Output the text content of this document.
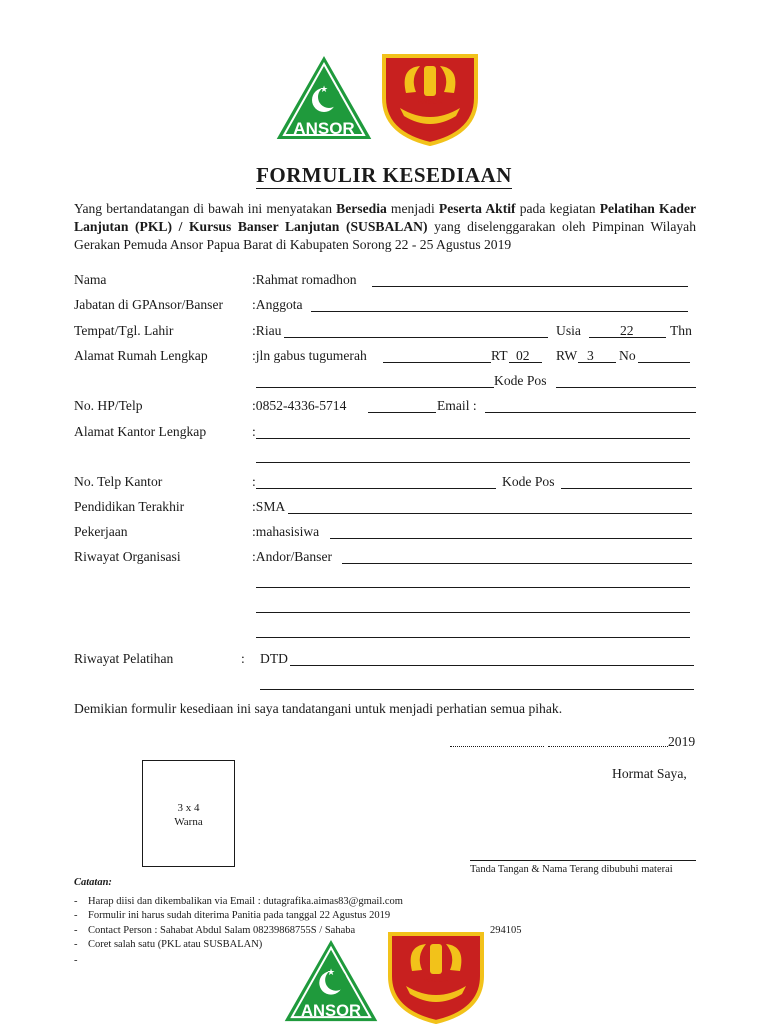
★
ANSOR
ANSOR
FORMULIR KESEDIAAN
Yang bertandatangan di bawah ini menyatakan Bersedia menjadi Peserta Aktif pada kegiatan Pelatihan Kader Lanjutan (PKL) / Kursus Banser Lanjutan (SUSBALAN) yang diselenggarakan oleh Pimpinan Wilayah Gerakan Pemuda Ansor Papua Barat di Kabupaten Sorong 22 - 25 Agustus 2019
Nama	:Rahmat romadhon
Jabatan di GPAnsor/Banser :Anggota
Tempat/Tgl. Lahir	:Riau	Usia	22	Thn
Alamat Rumah Lengkap	:jln gabus tugumerah	RT 02 RW 3 No
Kode Pos
No. HP/Telp	:0852-4336-5714	Email :
Alamat Kantor Lengkap	:
No. Telp Kantor	:	Kode Pos
Pendidikan Terakhir	:SMA
Pekerjaan	:mahasisiwa
Riwayat Organisasi	:Andor/Banser
Riwayat Pelatihan	: DTD
Demikian formulir kesediaan ini saya tandatangani untuk menjadi perhatian semua pihak.
2019
Hormat Saya,
3 x 4
Warna
Tanda Tangan & Nama Terang dibubuhi materai
Catatan:
-    Harap diisi dan dikembalikan via Email : dutagrafika.aimas83@gmail.com
-    Formulir ini harus sudah diterima Panitia pada tanggal 22 Agustus 2019
-    Contact Person : Sahabat Abdul Salam 08239868755S / Sahaba	294105
-    Coret salah satu (PKL atau SUSBALAN)
-
★
ANSOR
ANSOR
